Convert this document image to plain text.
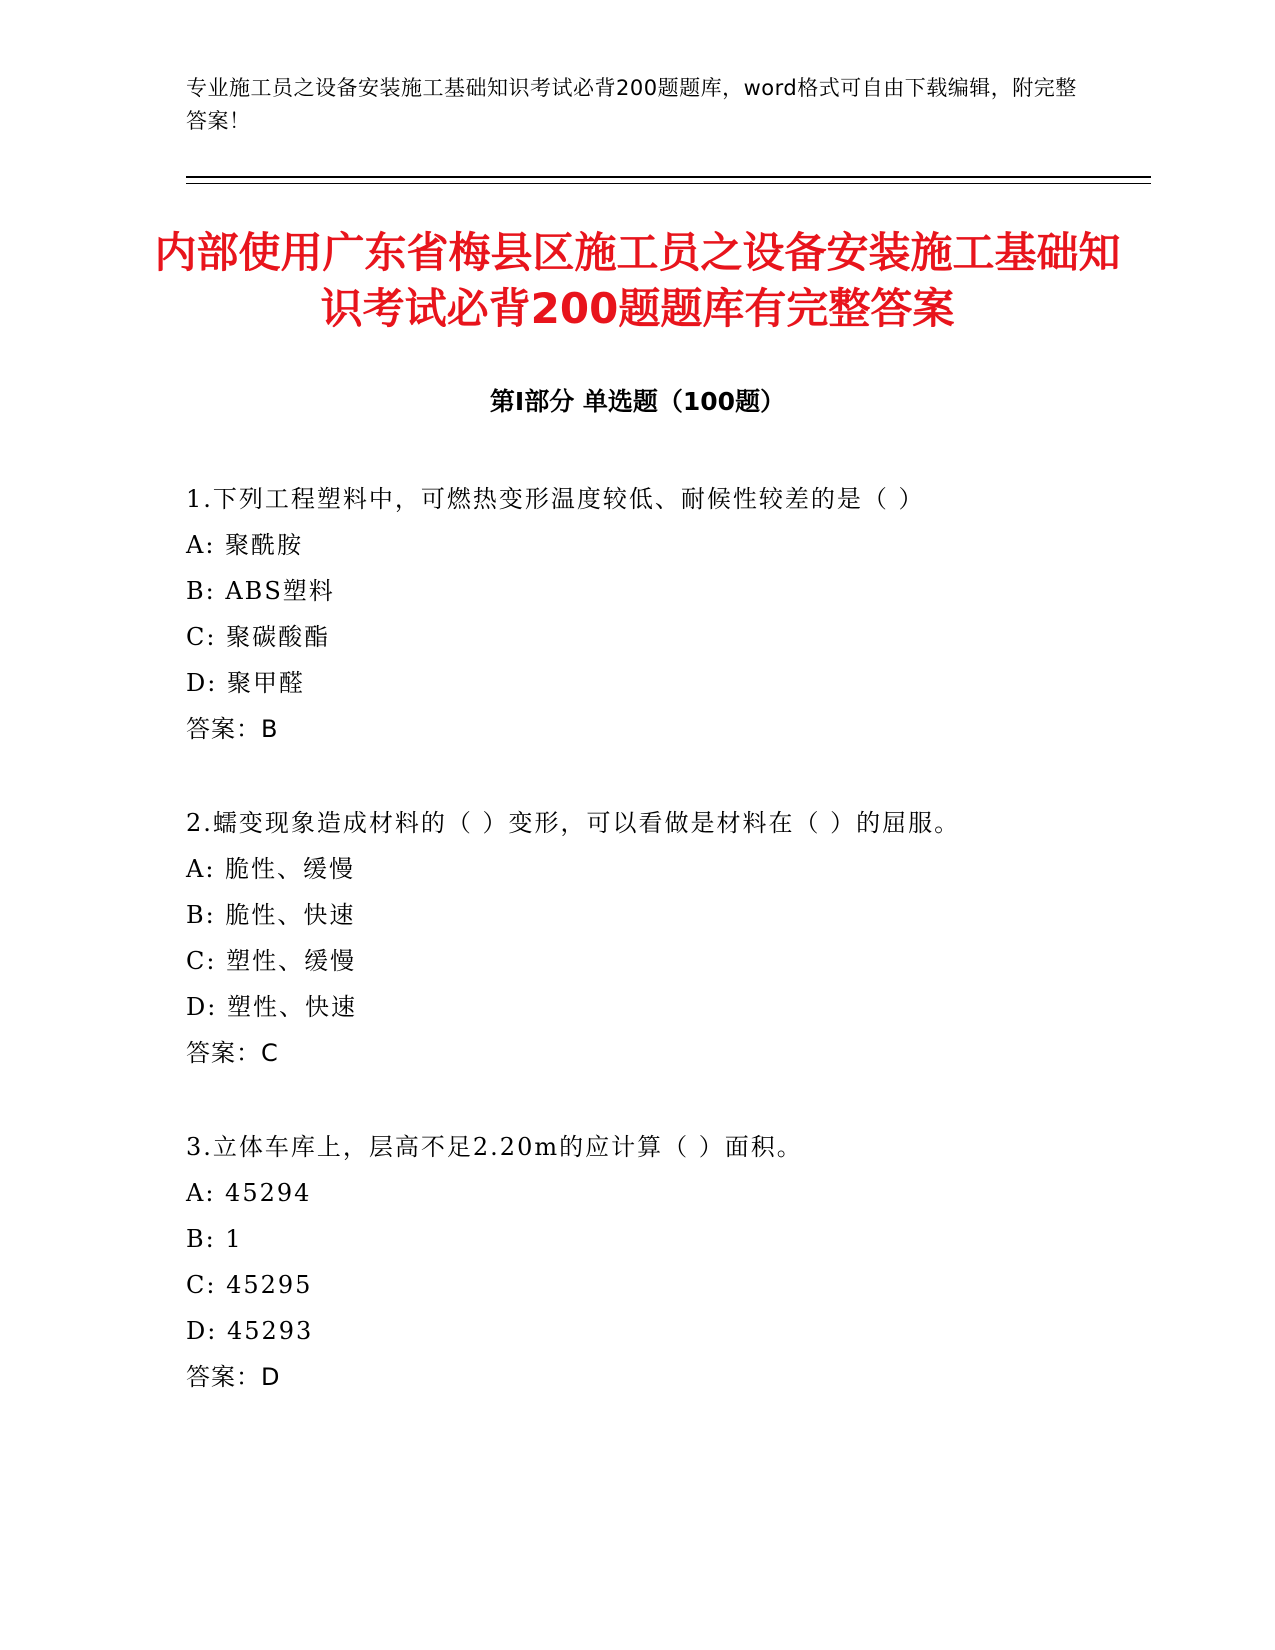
专业施工员之设备安装施工基础知识考试必背200题题库，word格式可自由下载编辑，附完整答案！
内部使用广东省梅县区施工员之设备安装施工基础知识考试必背200题题库有完整答案
第Ⅰ部分 单选题（100题）
1.下列工程塑料中，可燃热变形温度较低、耐候性较差的是（ ）
A: 聚酰胺
B: ABS塑料
C: 聚碳酸酯
D: 聚甲醛
答案：B
2.蠕变现象造成材料的（ ）变形，可以看做是材料在（ ）的屈服。
A: 脆性、缓慢
B: 脆性、快速
C: 塑性、缓慢
D: 塑性、快速
答案：C
3.立体车库上，层高不足2.20m的应计算（ ）面积。
A: 45294
B: 1
C: 45295
D: 45293
答案：D
